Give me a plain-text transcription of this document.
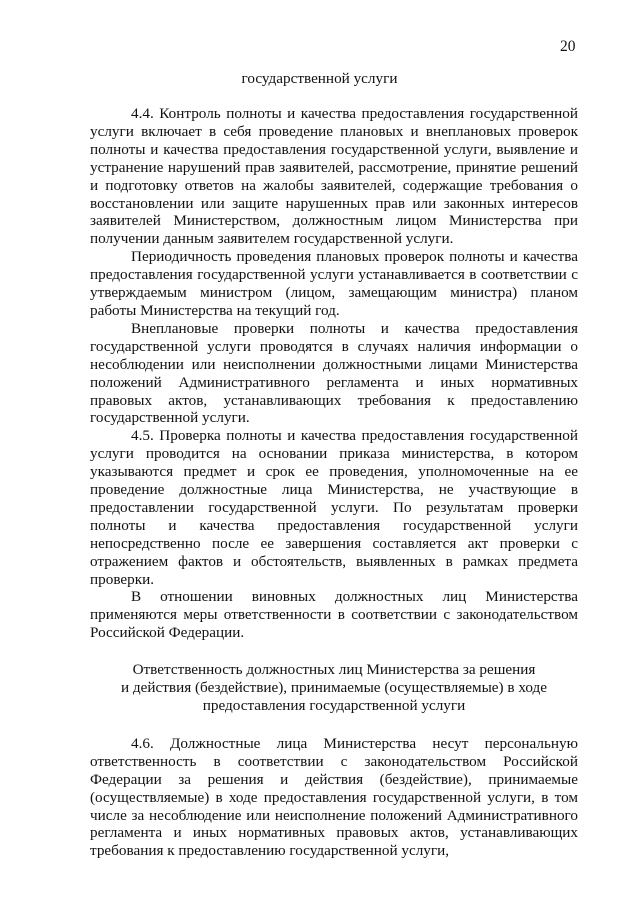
20
государственной услуги

4.4. Контроль полноты и качества предоставления государственной услуги включает в себя проведение плановых и внеплановых проверок полноты и качества предоставления государственной услуги, выявление и устранение нарушений прав заявителей, рассмотрение, принятие решений и подготовку ответов на жалобы заявителей, содержащие требования о восстановлении или защите нарушенных прав или законных интересов заявителей Министерством, должностным лицом Министерства при получении данным заявителем государственной услуги.

Периодичность проведения плановых проверок полноты и качества предоставления государственной услуги устанавливается в соответствии с утверждаемым министром (лицом, замещающим министра) планом работы Министерства на текущий год.

Внеплановые проверки полноты и качества предоставления государственной услуги проводятся в случаях наличия информации о несоблюдении или неисполнении должностными лицами Министерства положений Административного регламента и иных нормативных правовых актов, устанавливающих требования к предоставлению государственной услуги.

4.5. Проверка полноты и качества предоставления государственной услуги проводится на основании приказа министерства, в котором указываются предмет и срок ее проведения, уполномоченные на ее проведение должностные лица Министерства, не участвующие в предоставлении государственной услуги. По результатам проверки полноты и качества предоставления государственной услуги непосредственно после ее завершения составляется акт проверки с отражением фактов и обстоятельств, выявленных в рамках предмета проверки.

В отношении виновных должностных лиц Министерства применяются меры ответственности в соответствии с законодательством Российской Федерации.

Ответственность должностных лиц Министерства за решения
и действия (бездействие), принимаемые (осуществляемые) в ходе
предоставления государственной услуги

4.6. Должностные лица Министерства несут персональную ответственность в соответствии с законодательством Российской Федерации за решения и действия (бездействие), принимаемые (осуществляемые) в ходе предоставления государственной услуги, в том числе за несоблюдение или неисполнение положений Административного регламента и иных нормативных правовых актов, устанавливающих требования к предоставлению государственной услуги,
